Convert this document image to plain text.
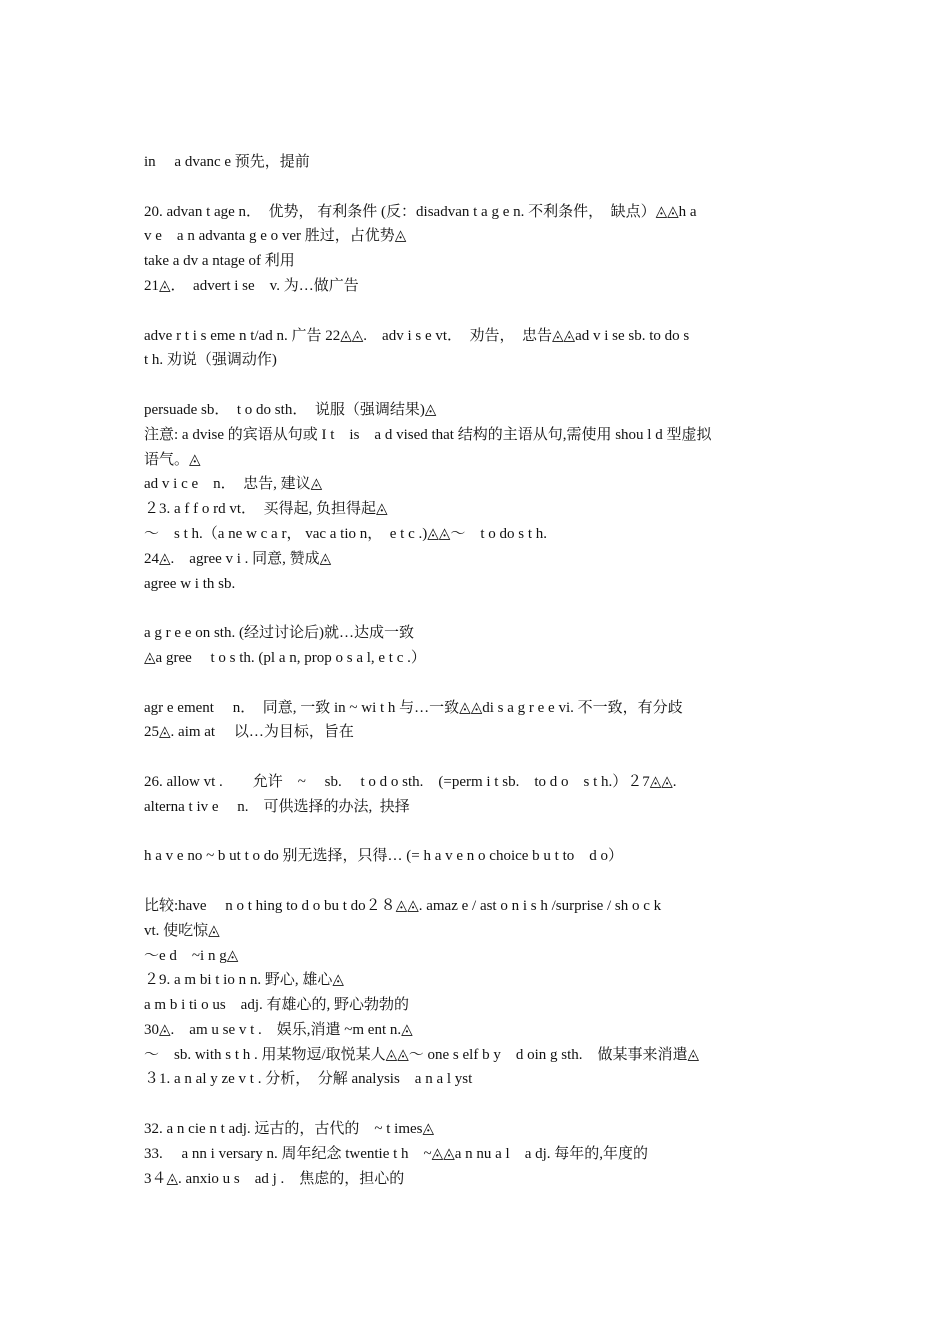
in　 a dvanc e 预先，提前
20. advan t age n．　优势， 有利条件 (反：disadvan t a g e n. 不利条件，  缺点）◬◬h a
v e　a n advanta g e o ver 胜过，占优势◬
take a dv a ntage of 利用
21◬．　advert i se　v. 为…做广告
adve r t i s eme n t/ad n. 广告 22◬◬.　adv i s e vt．　劝告，  忠告◬◬ad v i se sb. to do s
t h. 劝说（强调动作)
persuade sb．　t o do sth．　说服（强调结果)◬
注意: a dvise 的宾语从句或 I t　is　a d vised that 结构的主语从句,需使用 shou l d 型虚拟
语气。◬
ad v i c e　n．　忠告, 建议◬
２3. a f f o rd vt．　买得起, 负担得起◬
～　s t h.（a ne w c a r， vac a tio n，　e t c .)◬◬～　t o do s t h.
24◬.　agree v i . 同意, 赞成◬
agree w i th sb.
a g r e e on sth. (经过讨论后)就…达成一致
◬a gree　 t o s th. (pl a n, prop o s a l, e t c .）
agr e ement　 n．　同意, 一致 in ~ wi t h 与…一致◬◬di s a g r e e vi. 不一致，有分歧
25◬. aim at　 以…为目标，旨在
26. allow vt .　　允许　~　 sb.　 t o d o sth.　(=perm i t sb.　to d o　s t h.）２7◬◬.
alterna t iv e　 n.　可供选择的办法,  抉择
h a v e no ~ b ut t o do 别无选择，只得… (= h a v e n o choice b u t to　d o）
比较:have　 n o t hing to d o bu t do２８◬◬. amaz e / ast o n i s h /surprise / sh o c k
vt. 使吃惊◬
～e d　~i n g◬
２9. a m bi t io n n. 野心, 雄心◬
a m b i ti o us　adj. 有雄心的, 野心勃勃的
30◬.　am u se v t .　娱乐,消遣 ~m ent n.◬
～　sb. with s t h . 用某物逗/取悦某人◬◬～ one s elf b y　d oin g sth.　做某事来消遣◬
３1. a n al y ze v t . 分析，  分解 analysis　a n a l yst
32. a n cie n t adj. 远古的，古代的　~ t imes◬
33.　 a nn i versary n. 周年纪念 twentie t h　~◬◬a n nu a l　a dj. 每年的,年度的
3４◬. anxio u s　ad j .　焦虑的，担心的
